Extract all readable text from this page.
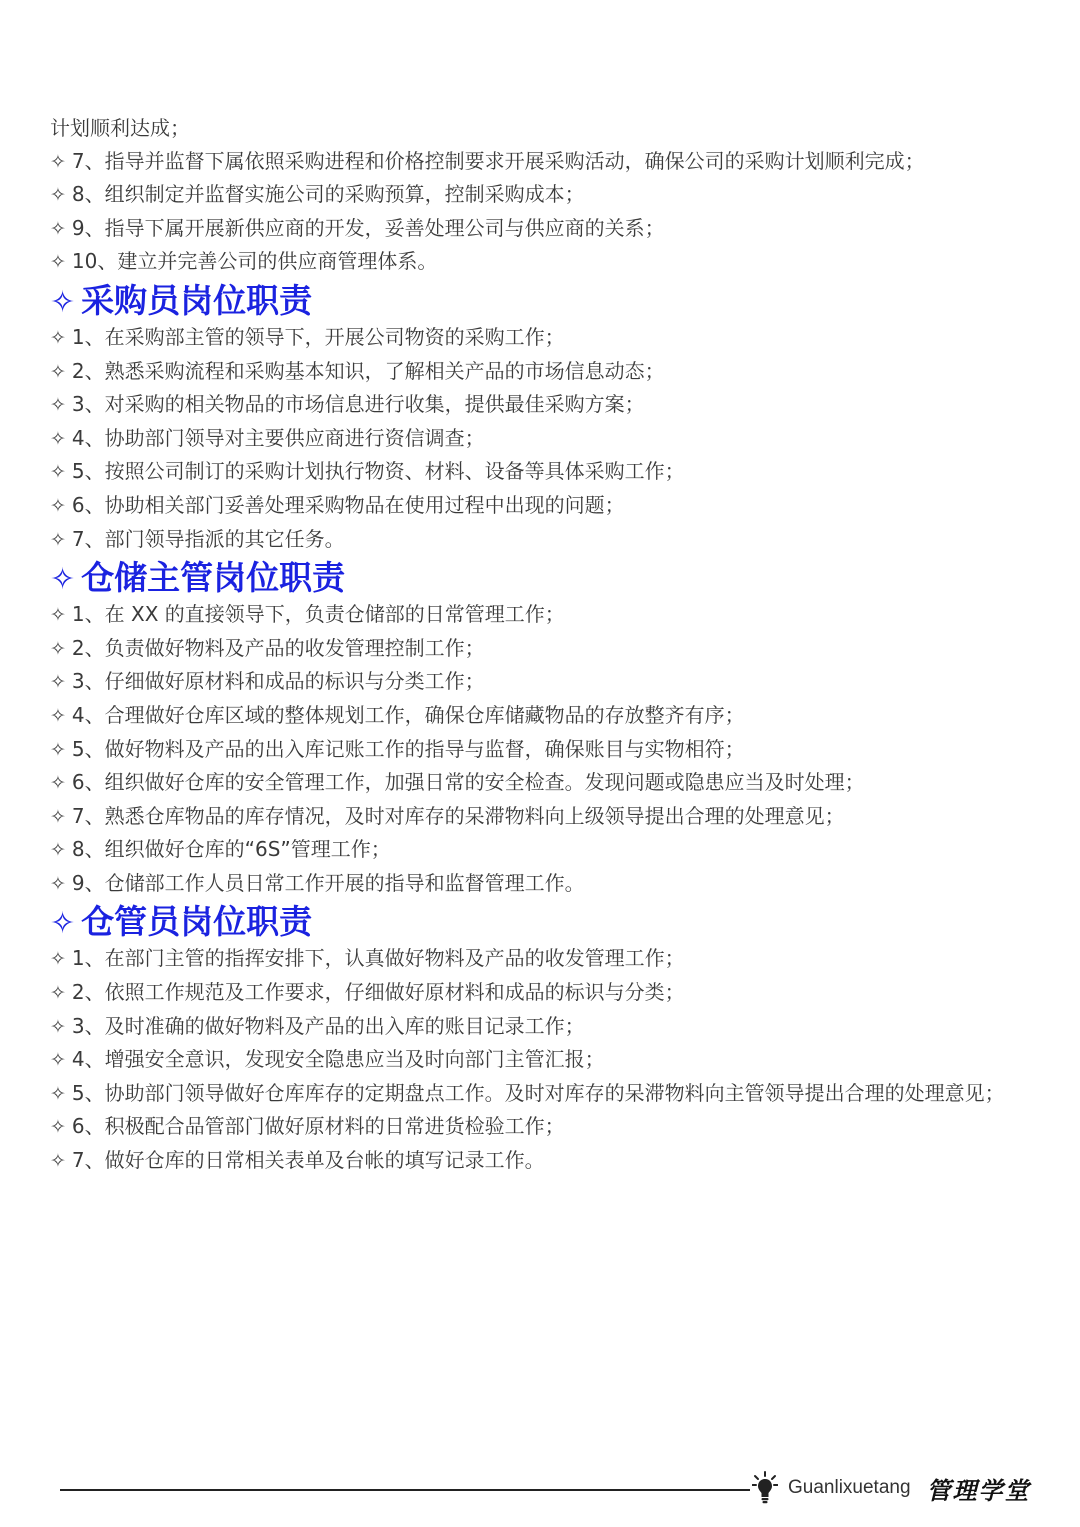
计划顺利达成；
✧ 7、指导并监督下属依照采购进程和价格控制要求开展采购活动，确保公司的采购计划顺利完成；
✧ 8、组织制定并监督实施公司的采购预算，控制采购成本；
✧ 9、指导下属开展新供应商的开发，妥善处理公司与供应商的关系；
✧ 10、建立并完善公司的供应商管理体系。
✧ 采购员岗位职责
✧ 1、在采购部主管的领导下，开展公司物资的采购工作；
✧ 2、熟悉采购流程和采购基本知识，了解相关产品的市场信息动态；
✧ 3、对采购的相关物品的市场信息进行收集，提供最佳采购方案；
✧ 4、协助部门领导对主要供应商进行资信调查；
✧ 5、按照公司制订的采购计划执行物资、材料、设备等具体采购工作；
✧ 6、协助相关部门妥善处理采购物品在使用过程中出现的问题；
✧ 7、部门领导指派的其它任务。
✧ 仓储主管岗位职责
✧ 1、在 XX 的直接领导下，负责仓储部的日常管理工作；
✧ 2、负责做好物料及产品的收发管理控制工作；
✧ 3、仔细做好原材料和成品的标识与分类工作；
✧ 4、合理做好仓库区域的整体规划工作，确保仓库储藏物品的存放整齐有序；
✧ 5、做好物料及产品的出入库记账工作的指导与监督，确保账目与实物相符；
✧ 6、组织做好仓库的安全管理工作，加强日常的安全检查。发现问题或隐患应当及时处理；
✧ 7、熟悉仓库物品的库存情况，及时对库存的呆滞物料向上级领导提出合理的处理意见；
✧ 8、组织做好仓库的“6S”管理工作；
✧ 9、仓储部工作人员日常工作开展的指导和监督管理工作。
✧ 仓管员岗位职责
✧ 1、在部门主管的指挥安排下，认真做好物料及产品的收发管理工作；
✧ 2、依照工作规范及工作要求，仔细做好原材料和成品的标识与分类；
✧ 3、及时准确的做好物料及产品的出入库的账目记录工作；
✧ 4、增强安全意识，发现安全隐患应当及时向部门主管汇报；
✧ 5、协助部门领导做好仓库库存的定期盘点工作。及时对库存的呆滞物料向主管领导提出合理的处理意见；
✧ 6、积极配合品管部门做好原材料的日常进货检验工作；
✧ 7、做好仓库的日常相关表单及台帐的填写记录工作。
Guanlixuetang 管理学堂
